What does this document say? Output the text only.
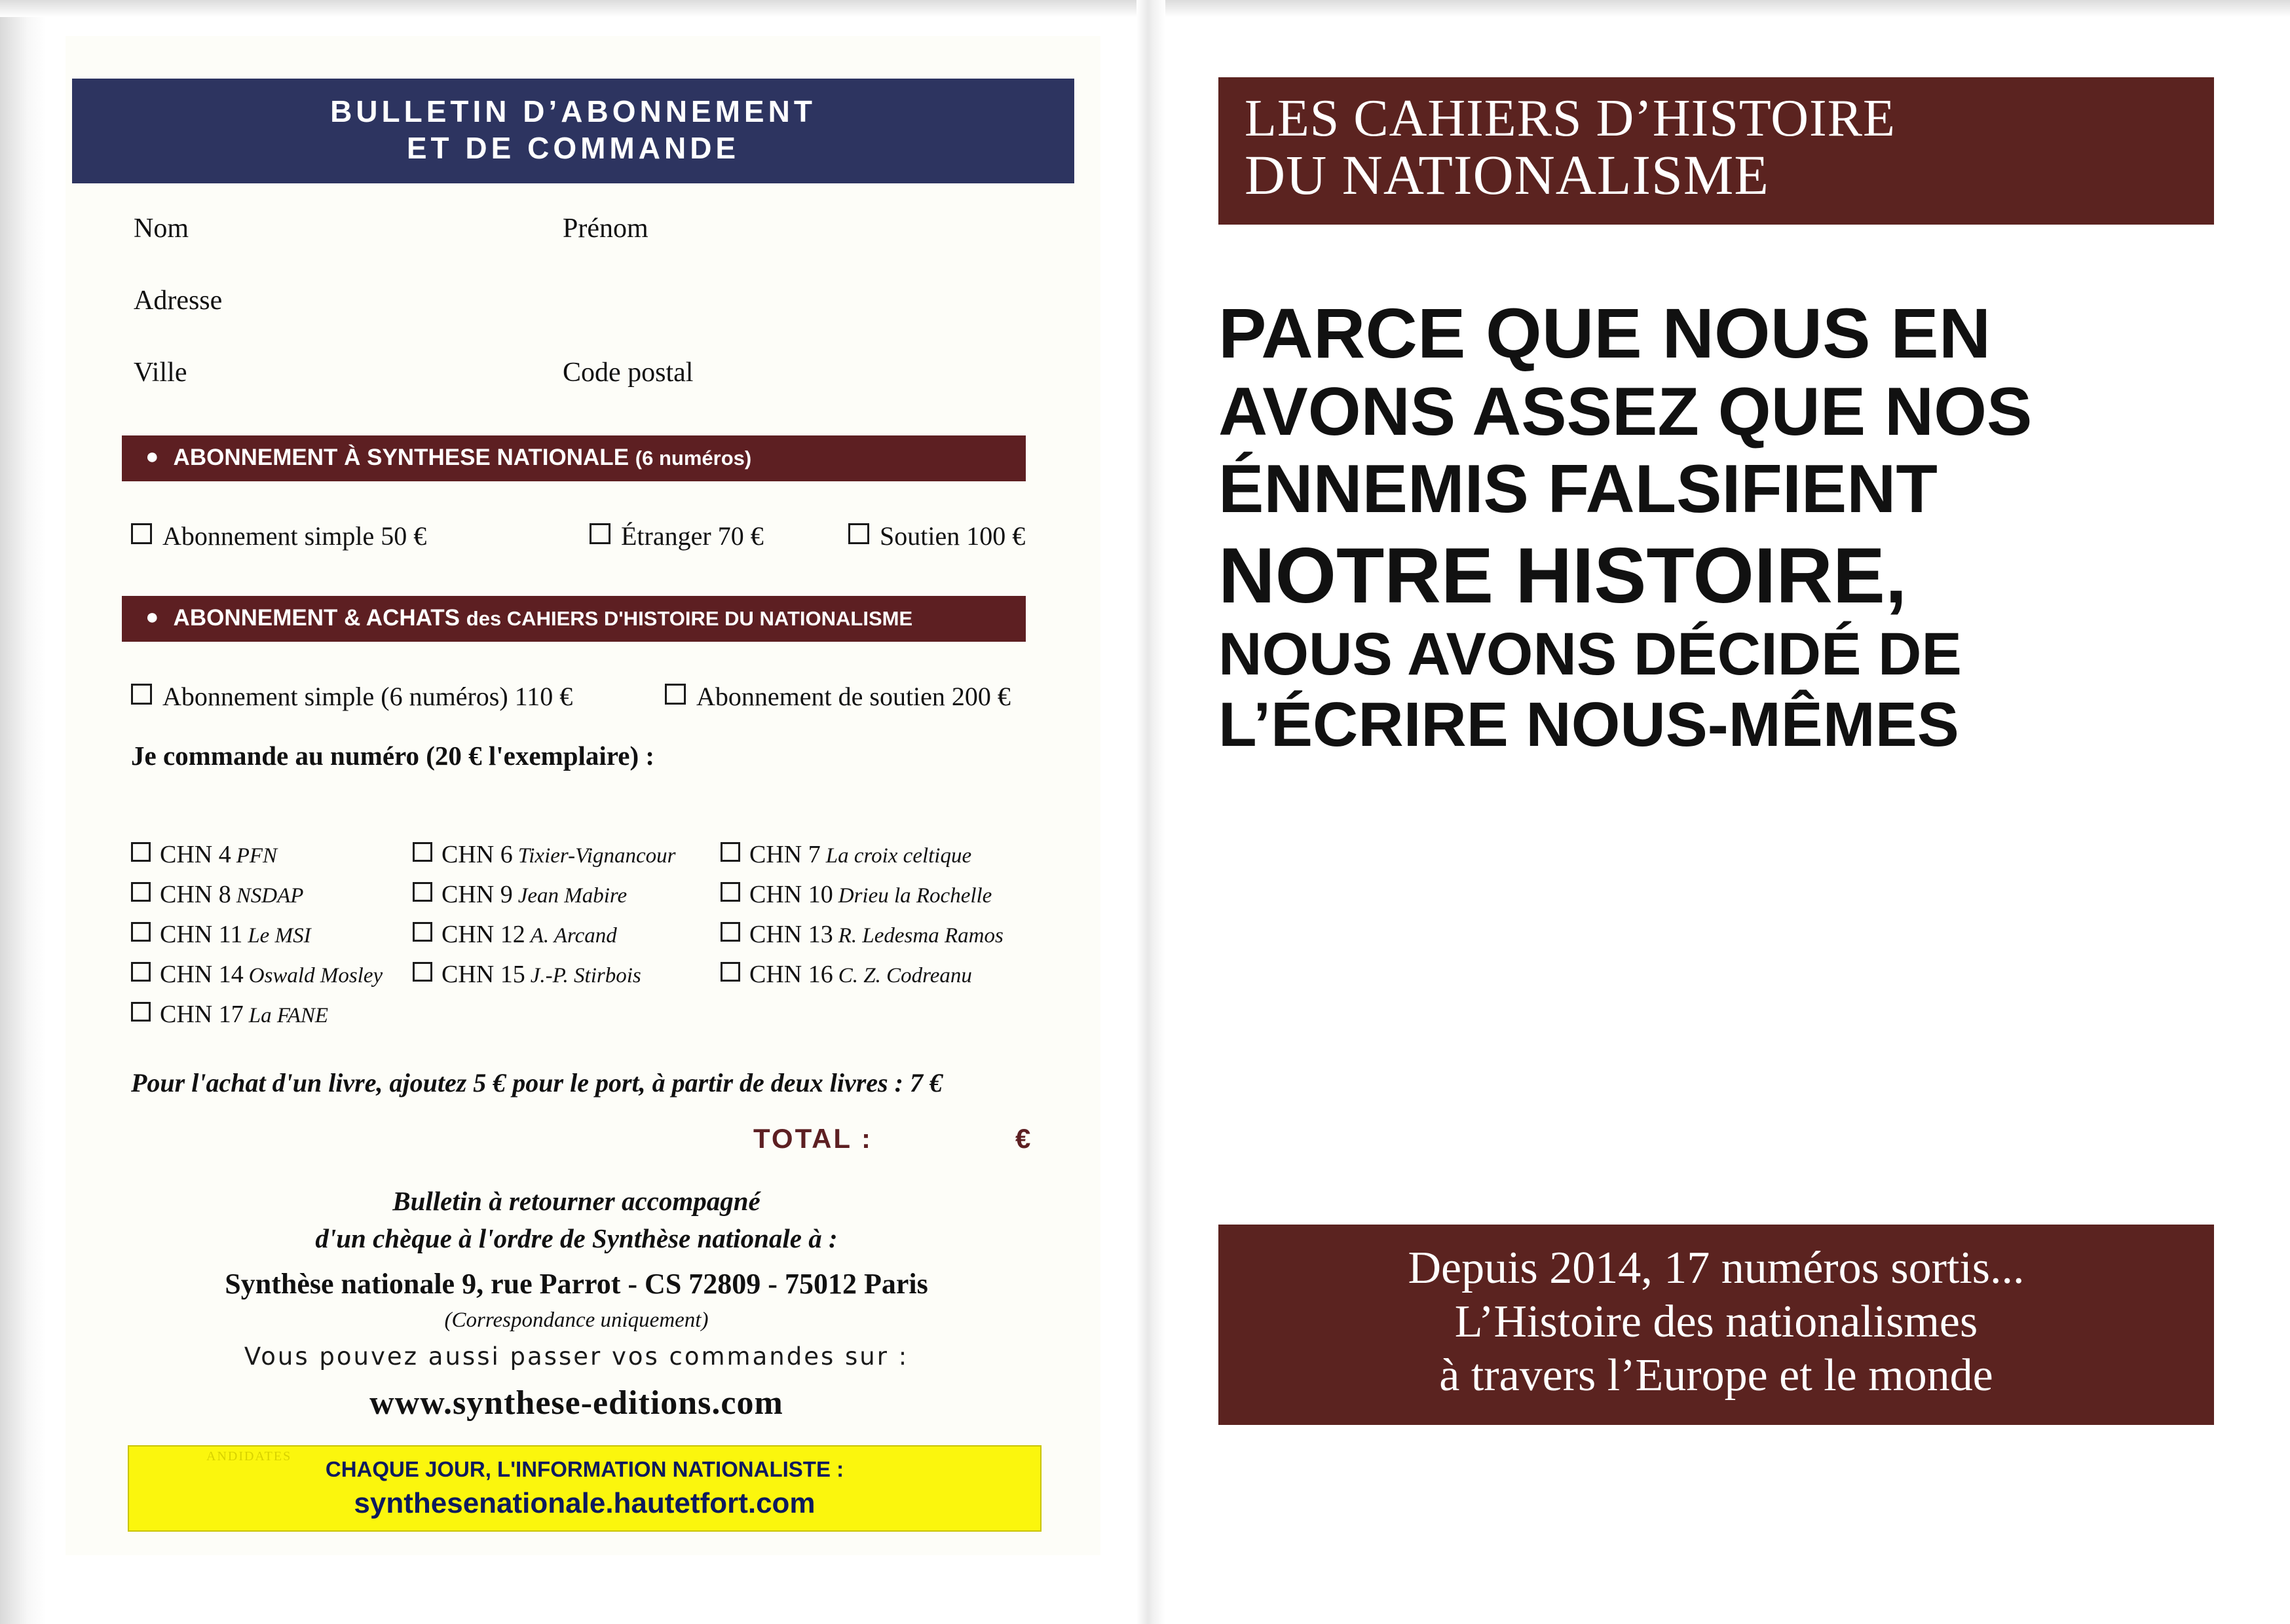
BULLETIN D’ABONNEMENT
ET DE COMMANDE
Nom	Prénom
Adresse
Ville	Code postal
● ABONNEMENT À SYNTHESE NATIONALE (6 numéros)
Abonnement simple 50 €	Étranger 70 €	Soutien 100 €
● ABONNEMENT & ACHATS des CAHIERS D'HISTOIRE DU NATIONALISME
Abonnement simple (6 numéros) 110 €	Abonnement de soutien 200 €
Je commande au numéro (20 € l'exemplaire) :
CHN 4 PFN	CHN 6 Tixier-Vignancour	CHN 7 La croix celtique
CHN 8 NSDAP	CHN 9 Jean Mabire	CHN 10 Drieu la Rochelle
CHN 11 Le MSI	CHN 12 A. Arcand	CHN 13 R. Ledesma Ramos
CHN 14 Oswald Mosley	CHN 15 J.-P. Stirbois	CHN 16 C. Z. Codreanu
CHN 17 La FANE
Pour l'achat d'un livre, ajoutez 5 € pour le port, à partir de deux livres : 7 €
TOTAL :	€
Bulletin à retourner accompagné
d'un chèque à l'ordre de Synthèse nationale à :
Synthèse nationale 9, rue Parrot - CS 72809 - 75012 Paris
(Correspondance uniquement)
Vous pouvez aussi passer vos commandes sur :
www.synthese-editions.com
CHAQUE JOUR, L'INFORMATION NATIONALISTE :
synthesenationale.hautetfort.com
ANDIDATES
LES CAHIERS D’HISTOIRE
DU NATIONALISME
PARCE QUE NOUS EN
AVONS ASSEZ QUE NOS
ÉNNEMIS FALSIFIENT
NOTRE HISTOIRE,
NOUS AVONS DÉCIDÉ DE
L’ÉCRIRE NOUS-MÊMES
Depuis 2014, 17 numéros sortis...
L’Histoire des nationalismes
à travers l’Europe et le monde
